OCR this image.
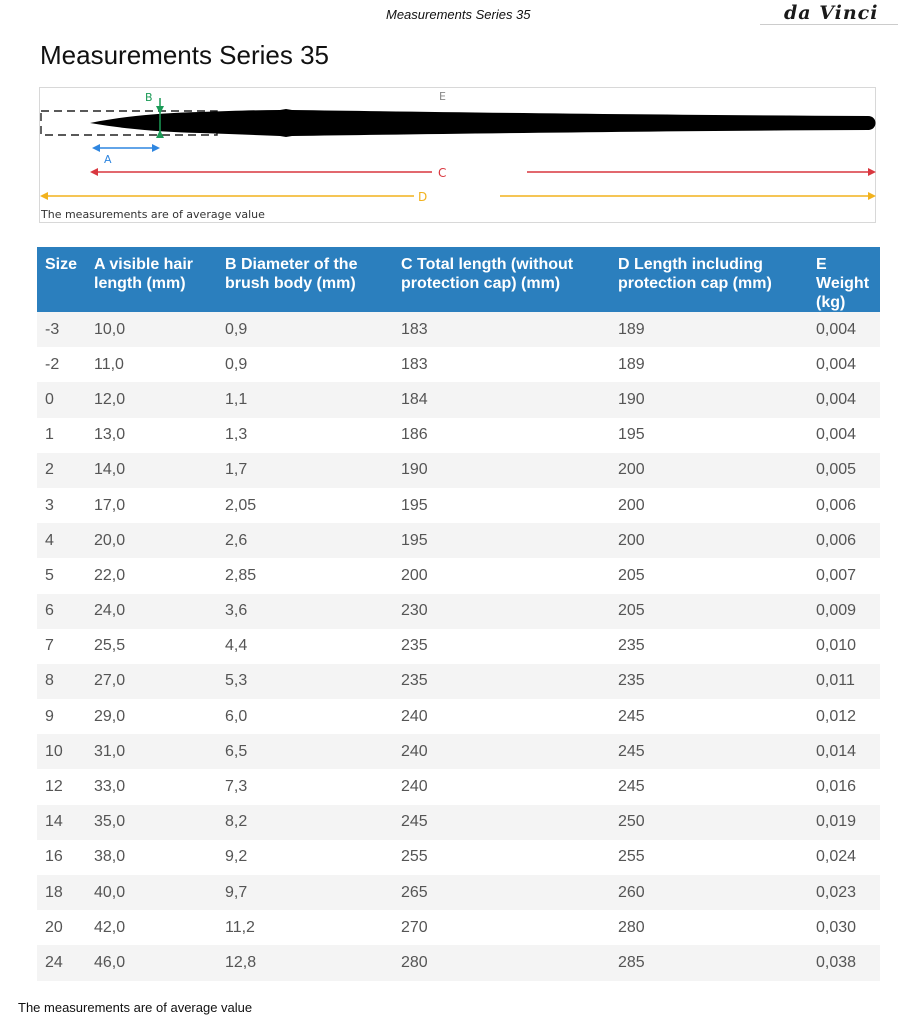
Measurements Series 35	da Vinci
Measurements Series 35
B	E
A
C
D
The measurements are of average value
Size	A visible hair length (mm)	B Diameter of the brush body (mm)	C Total length (without protection cap) (mm)	D Length including protection cap (mm)	E Weight (kg)
-3	10,0	0,9	183	189	0,004
-2	11,0	0,9	183	189	0,004
0	12,0	1,1	184	190	0,004
1	13,0	1,3	186	195	0,004
2	14,0	1,7	190	200	0,005
3	17,0	2,05	195	200	0,006
4	20,0	2,6	195	200	0,006
5	22,0	2,85	200	205	0,007
6	24,0	3,6	230	205	0,009
7	25,5	4,4	235	235	0,010
8	27,0	5,3	235	235	0,011
9	29,0	6,0	240	245	0,012
10	31,0	6,5	240	245	0,014
12	33,0	7,3	240	245	0,016
14	35,0	8,2	245	250	0,019
16	38,0	9,2	255	255	0,024
18	40,0	9,7	265	260	0,023
20	42,0	11,2	270	280	0,030
24	46,0	12,8	280	285	0,038
The measurements are of average value
